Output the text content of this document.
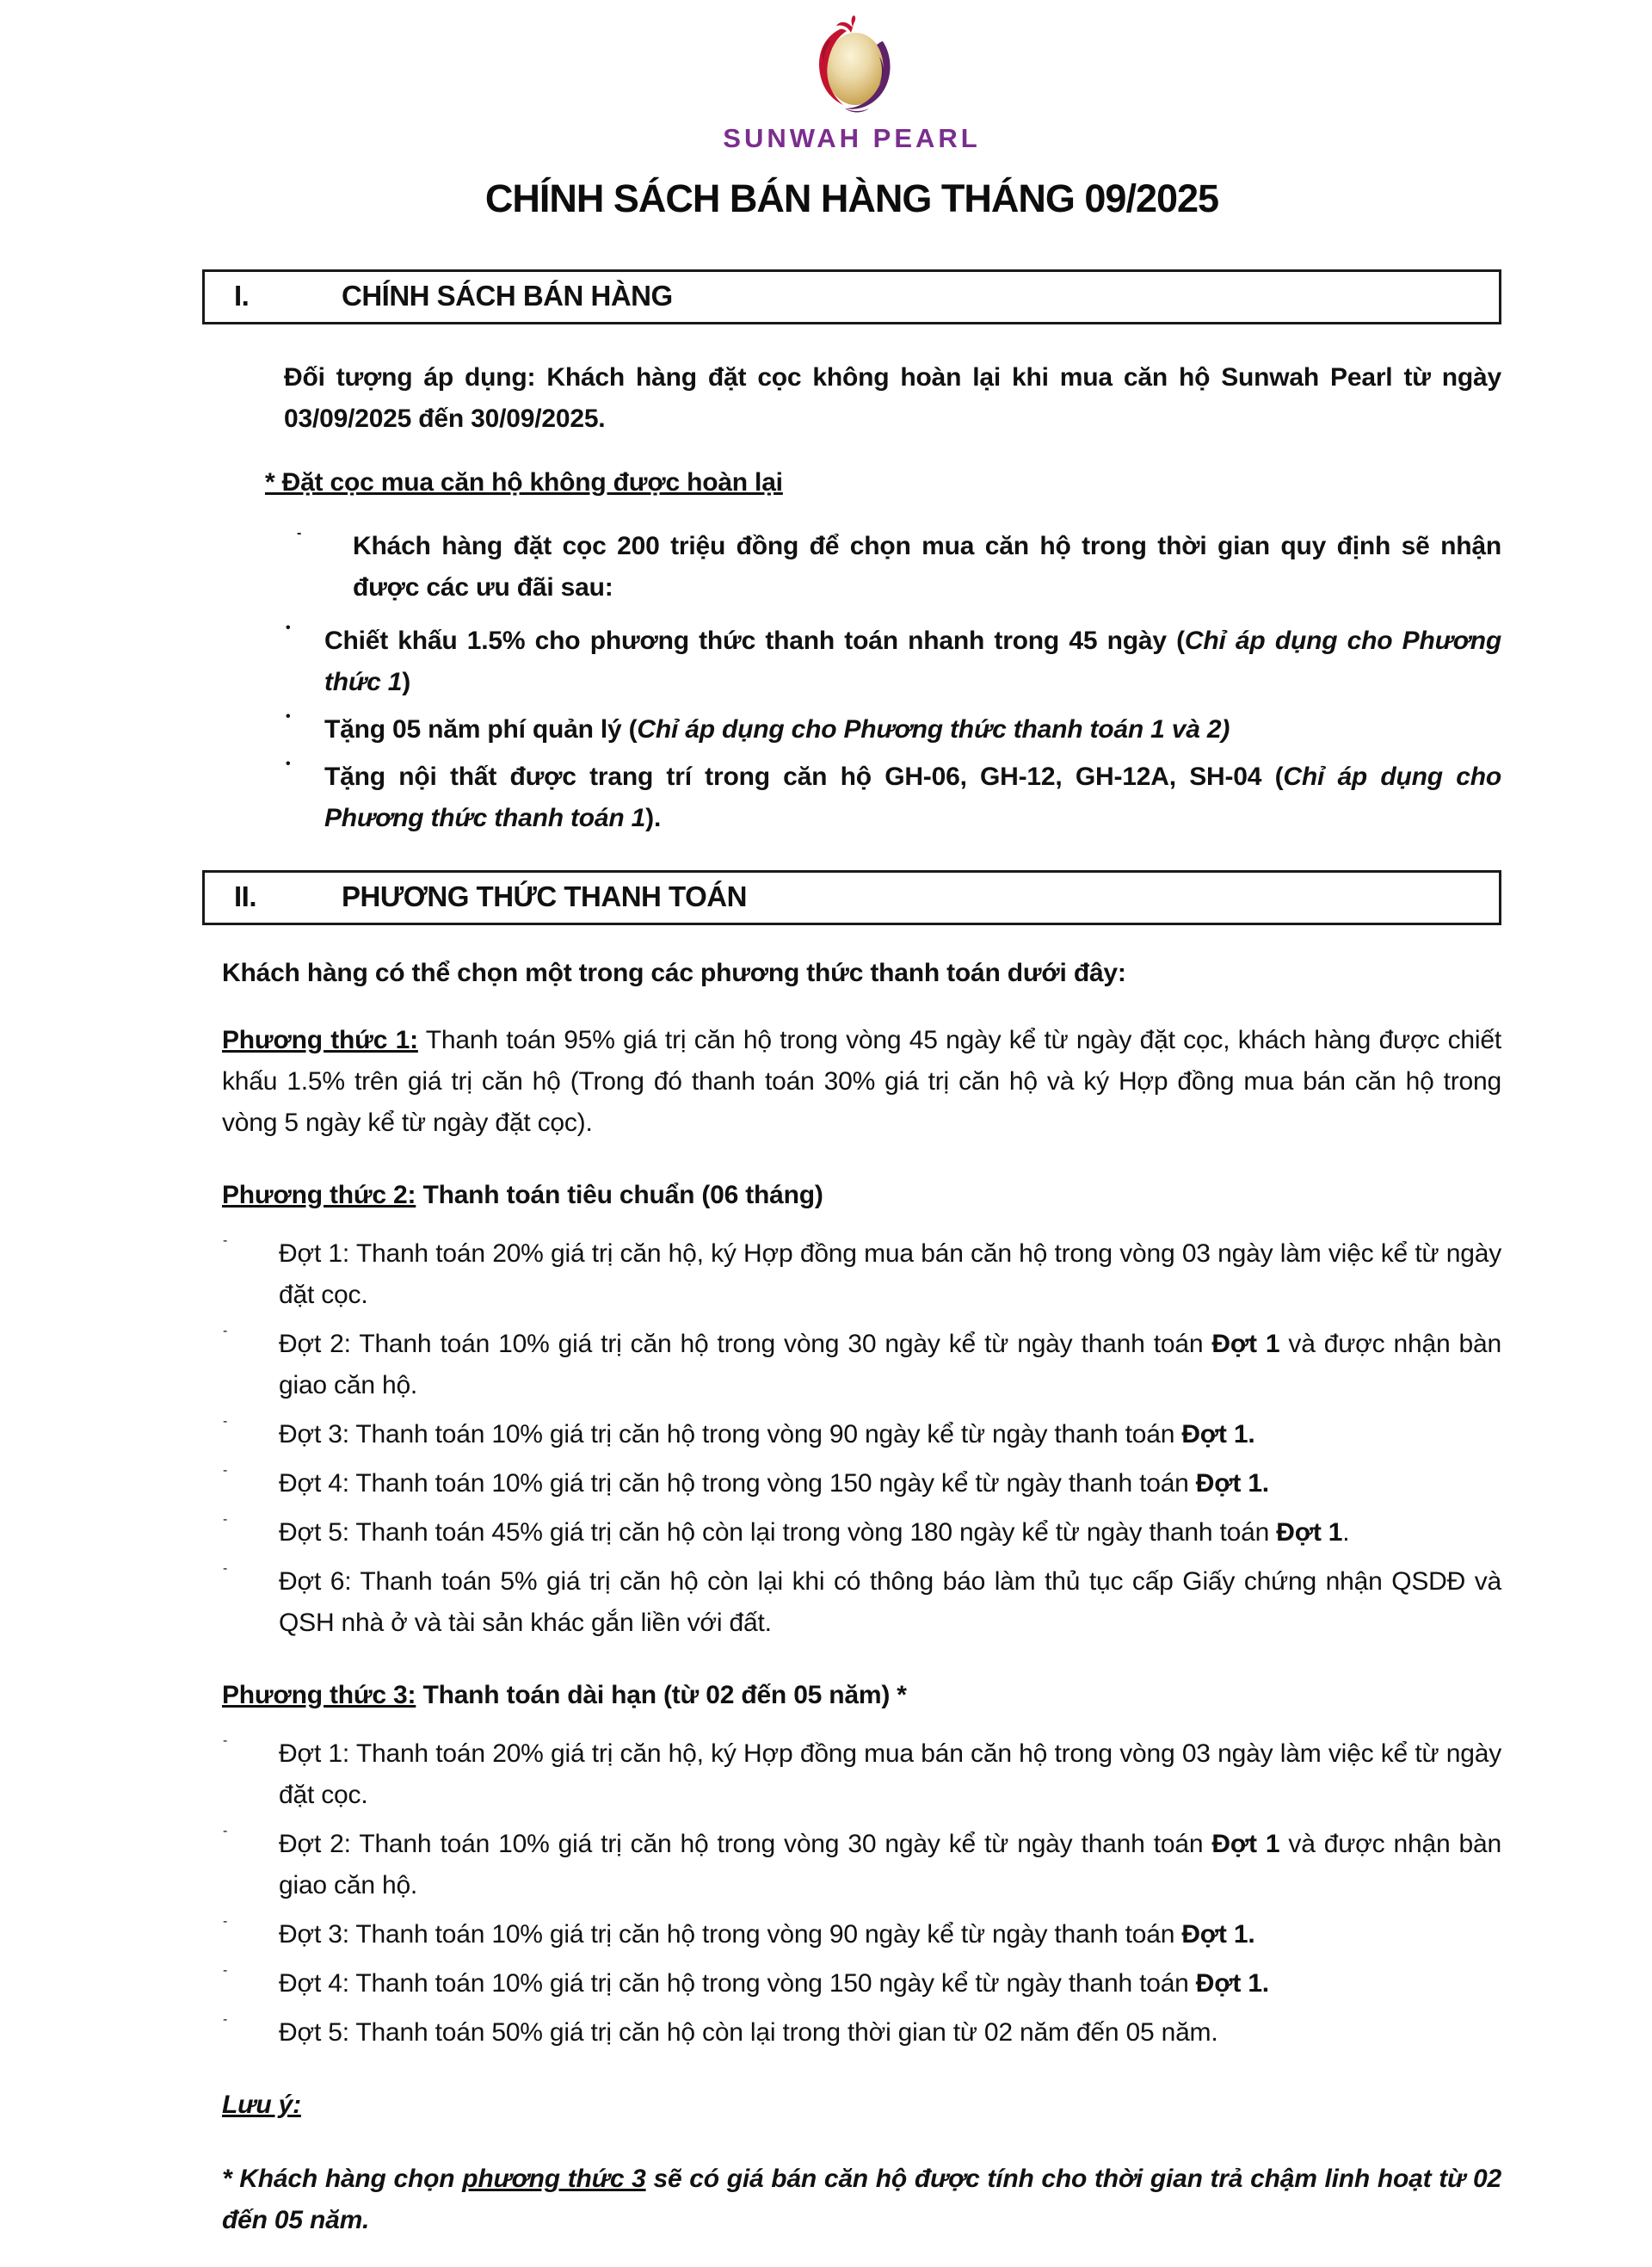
SUNWAH PEARL
CHÍNH SÁCH BÁN HÀNG THÁNG 09/2025
I.	CHÍNH SÁCH BÁN HÀNG

Đối tượng áp dụng: Khách hàng đặt cọc không hoàn lại khi mua căn hộ Sunwah Pearl từ ngày 03/09/2025 đến 30/09/2025.

* Đặt cọc mua căn hộ không được hoàn lại

-	Khách hàng đặt cọc 200 triệu đồng để chọn mua căn hộ trong thời gian quy định sẽ nhận được các ưu đãi sau:
•	Chiết khấu 1.5% cho phương thức thanh toán nhanh trong 45 ngày (Chỉ áp dụng cho Phương thức 1)
•	Tặng 05 năm phí quản lý (Chỉ áp dụng cho Phương thức thanh toán 1 và 2)
•	Tặng nội thất được trang trí trong căn hộ GH-06, GH-12, GH-12A, SH-04 (Chỉ áp dụng cho Phương thức thanh toán 1).
II.	PHƯƠNG THỨC THANH TOÁN

Khách hàng có thể chọn một trong các phương thức thanh toán dưới đây:

Phương thức 1: Thanh toán 95% giá trị căn hộ trong vòng 45 ngày kể từ ngày đặt cọc, khách hàng được chiết khấu 1.5% trên giá trị căn hộ (Trong đó thanh toán 30% giá trị căn hộ và ký Hợp đồng mua bán căn hộ trong vòng 5 ngày kể từ ngày đặt cọc).

Phương thức 2: Thanh toán tiêu chuẩn (06 tháng)

-	Đợt 1: Thanh toán 20% giá trị căn hộ, ký Hợp đồng mua bán căn hộ trong vòng 03 ngày làm việc kể từ ngày đặt cọc.
-	Đợt 2: Thanh toán 10% giá trị căn hộ trong vòng 30 ngày kể từ ngày thanh toán Đợt 1 và được nhận bàn giao căn hộ.
-	Đợt 3: Thanh toán 10% giá trị căn hộ trong vòng 90 ngày kể từ ngày thanh toán Đợt 1.
-	Đợt 4: Thanh toán 10% giá trị căn hộ trong vòng 150 ngày kể từ ngày thanh toán Đợt 1.
-	Đợt 5: Thanh toán 45% giá trị căn hộ còn lại trong vòng 180 ngày kể từ ngày thanh toán Đợt 1.
-	Đợt 6: Thanh toán 5% giá trị căn hộ còn lại khi có thông báo làm thủ tục cấp Giấy chứng nhận QSDĐ và QSH nhà ở và tài sản khác gắn liền với đất.

Phương thức 3: Thanh toán dài hạn (từ 02 đến 05 năm) *

-	Đợt 1: Thanh toán 20% giá trị căn hộ, ký Hợp đồng mua bán căn hộ trong vòng 03 ngày làm việc kể từ ngày đặt cọc.
-	Đợt 2: Thanh toán 10% giá trị căn hộ trong vòng 30 ngày kể từ ngày thanh toán Đợt 1 và được nhận bàn giao căn hộ.
-	Đợt 3: Thanh toán 10% giá trị căn hộ trong vòng 90 ngày kể từ ngày thanh toán Đợt 1.
-	Đợt 4: Thanh toán 10% giá trị căn hộ trong vòng 150 ngày kể từ ngày thanh toán Đợt 1.
-	Đợt 5: Thanh toán 50% giá trị căn hộ còn lại trong thời gian từ 02 năm đến 05 năm.

Lưu ý:

* Khách hàng chọn phương thức 3 sẽ có giá bán căn hộ được tính cho thời gian trả chậm linh hoạt từ 02 đến 05 năm.
